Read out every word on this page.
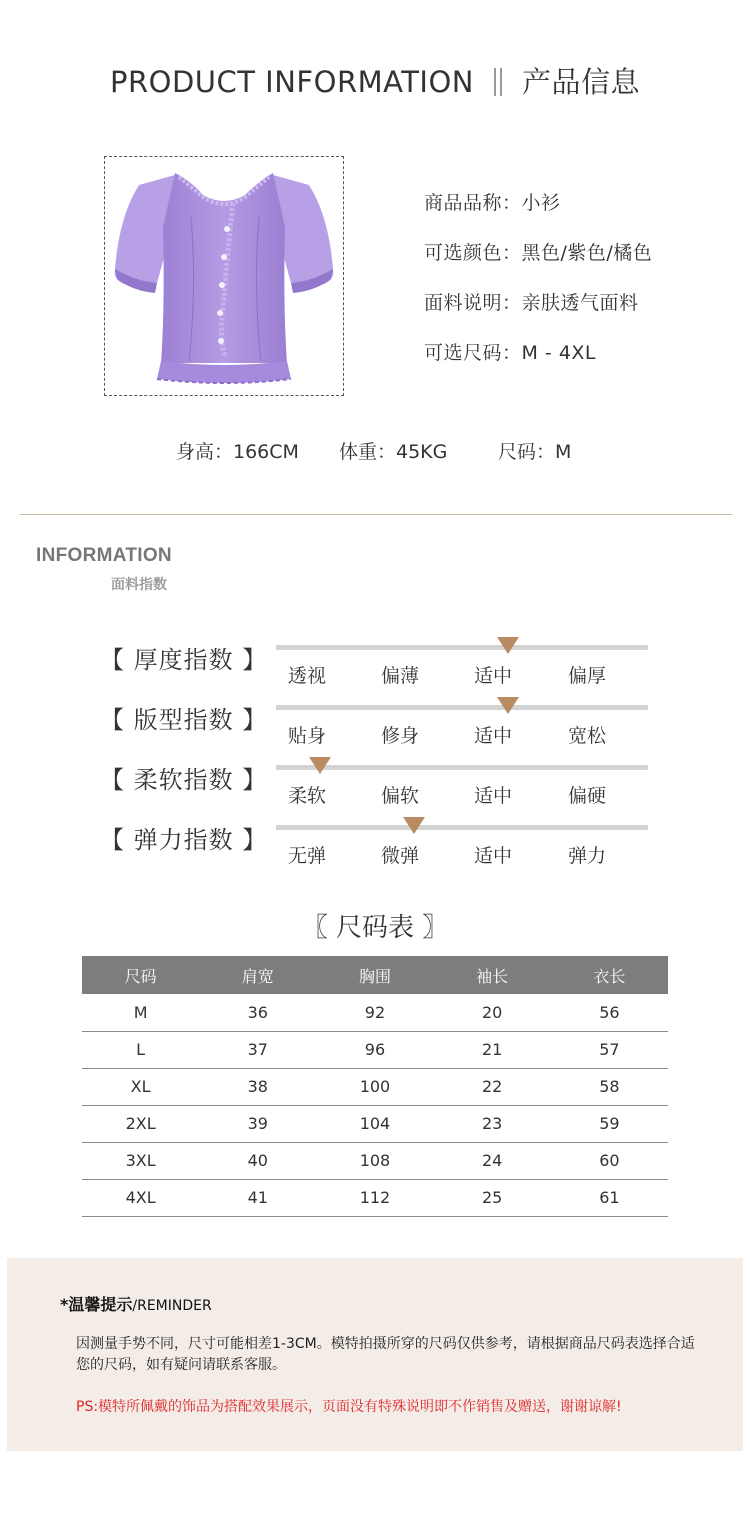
PRODUCT INFORMATION 产品信息
商品品称：小衫
可选颜色：黑色/紫色/橘色
面料说明：亲肤透气面料
可选尺码：M - 4XL
身高：166CM 体重：45KG	尺码：M
INFORMATION
面料指数
【 厚度指数 】
透视	偏薄	适中	偏厚
【 版型指数 】
贴身	修身	适中	宽松
【 柔软指数 】
柔软	偏软	适中	偏硬
【 弹力指数 】
无弹	微弹	适中	弹力
〖 尺码表 〗
尺码	肩宽	胸围	袖长	衣长
M	36	92	20	56
L	37	96	21	57
XL	38	100	22	58
2XL	39	104	23	59
3XL	40	108	24	60
4XL	41	112	25	61
*温馨提示/REMINDER
因测量手势不同，尺寸可能相差1-3CM。模特拍摄所穿的尺码仅供参考，请根据商品尺码表选择合适您的尺码，如有疑问请联系客服。
PS:模特所佩戴的饰品为搭配效果展示，页面没有特殊说明即不作销售及赠送，谢谢谅解!
